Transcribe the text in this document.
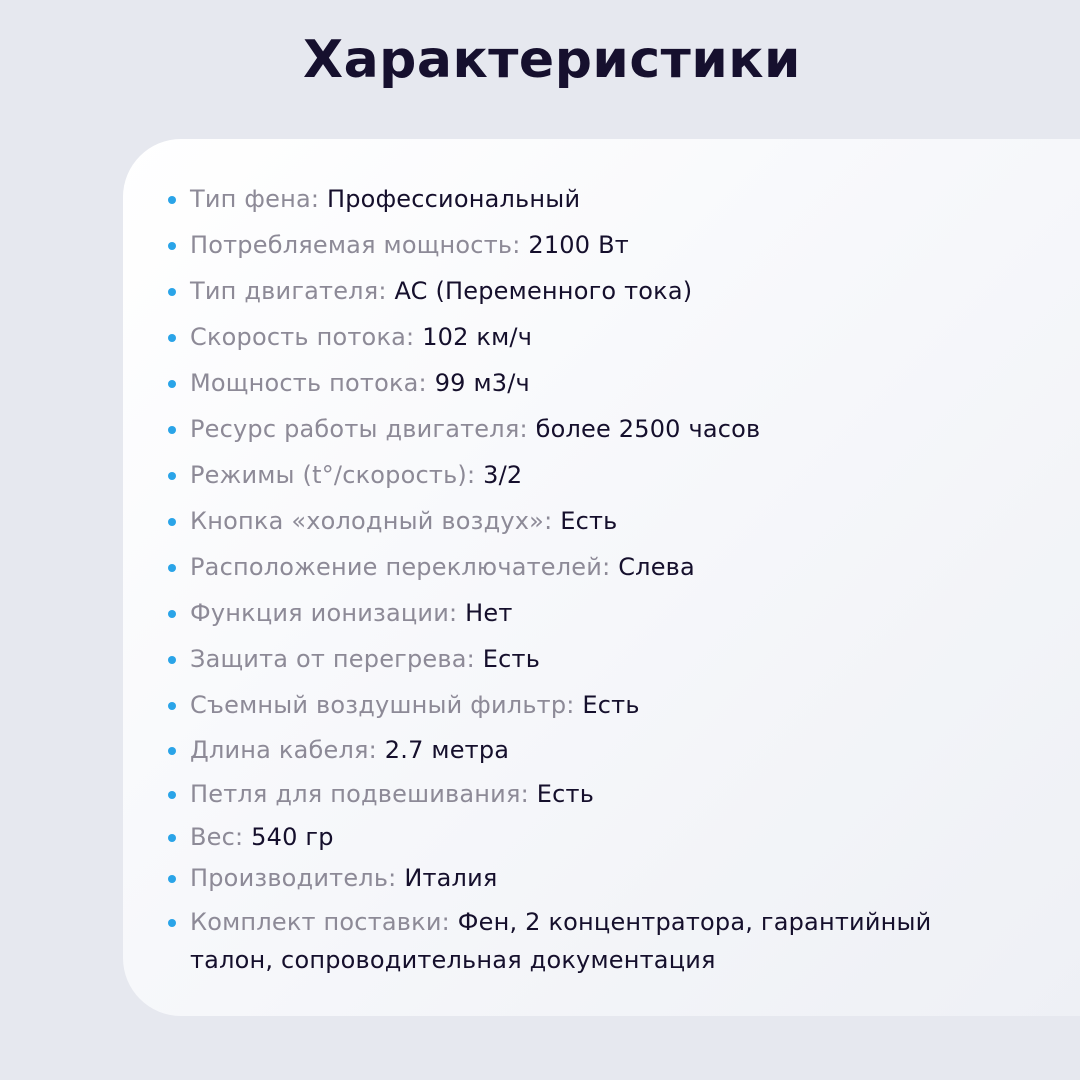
Характеристики
Тип фена: Профессиональный
Потребляемая мощность: 2100 Вт
Тип двигателя: AC (Переменного тока)
Скорость потока: 102 км/ч
Мощность потока: 99 м3/ч
Ресурс работы двигателя: более 2500 часов
Режимы (t°/скорость): 3/2
Кнопка «холодный воздух»: Есть
Расположение переключателей: Слева
Функция ионизации: Нет
Защита от перегрева: Есть
Съемный воздушный фильтр: Есть
Длина кабеля: 2.7 метра
Петля для подвешивания: Есть
Вес: 540 гр
Производитель: Италия
Комплект поставки: Фен, 2 концентратора, гарантийный талон, сопроводительная документация
